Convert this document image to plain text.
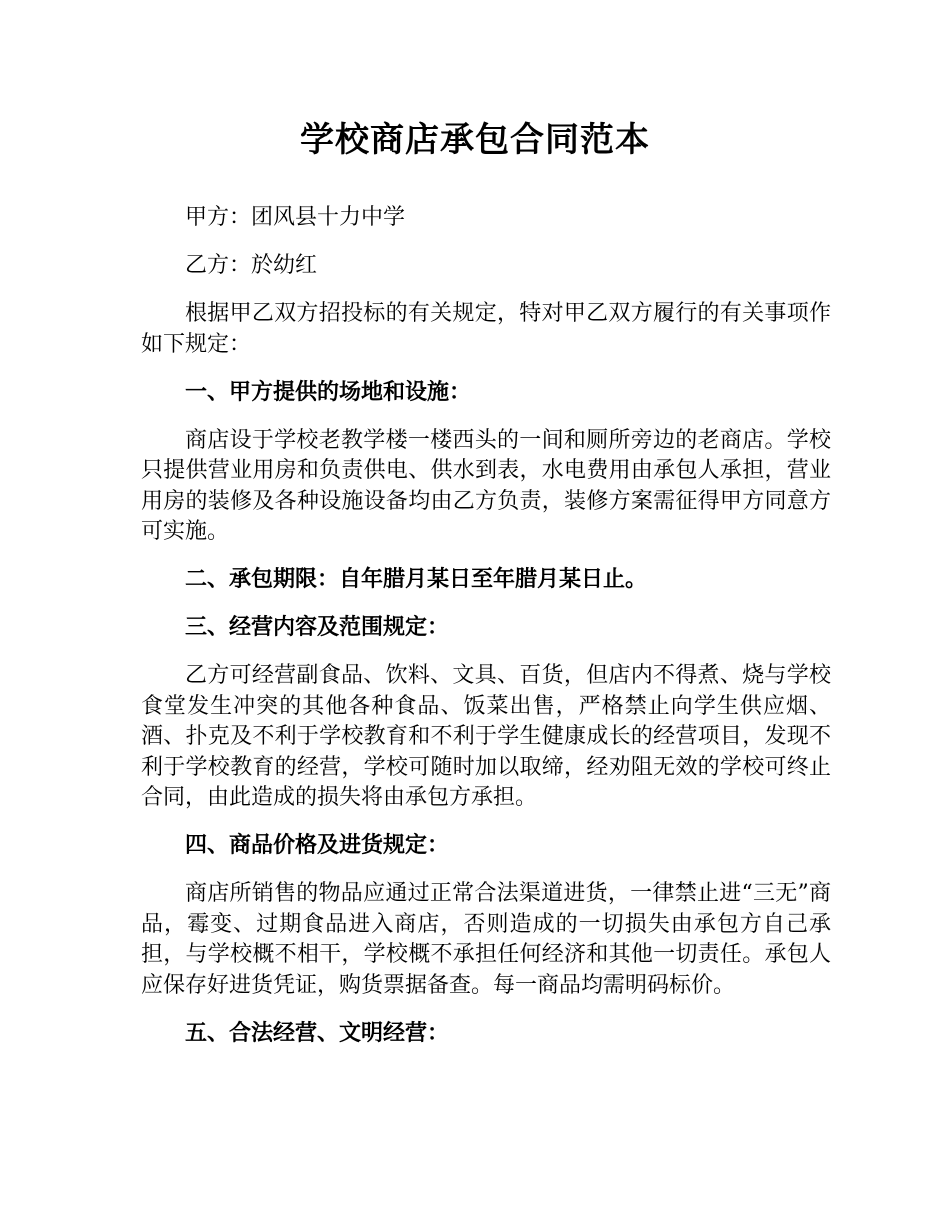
学校商店承包合同范本

甲方：团风县十力中学

乙方：於幼红

根据甲乙双方招投标的有关规定，特对甲乙双方履行的有关事项作如下规定：

一、甲方提供的场地和设施：

商店设于学校老教学楼一楼西头的一间和厕所旁边的老商店。学校只提供营业用房和负责供电、供水到表，水电费用由承包人承担，营业用房的装修及各种设施设备均由乙方负责，装修方案需征得甲方同意方可实施。

二、承包期限：自年腊月某日至年腊月某日止。

三、经营内容及范围规定：

乙方可经营副食品、饮料、文具、百货，但店内不得煮、烧与学校食堂发生冲突的其他各种食品、饭菜出售，严格禁止向学生供应烟、酒、扑克及不利于学校教育和不利于学生健康成长的经营项目，发现不利于学校教育的经营，学校可随时加以取缔，经劝阻无效的学校可终止合同，由此造成的损失将由承包方承担。

四、商品价格及进货规定：

商店所销售的物品应通过正常合法渠道进货，一律禁止进“三无”商品，霉变、过期食品进入商店，否则造成的一切损失由承包方自己承担，与学校概不相干，学校概不承担任何经济和其他一切责任。承包人应保存好进货凭证，购货票据备查。每一商品均需明码标价。

五、合法经营、文明经营：
